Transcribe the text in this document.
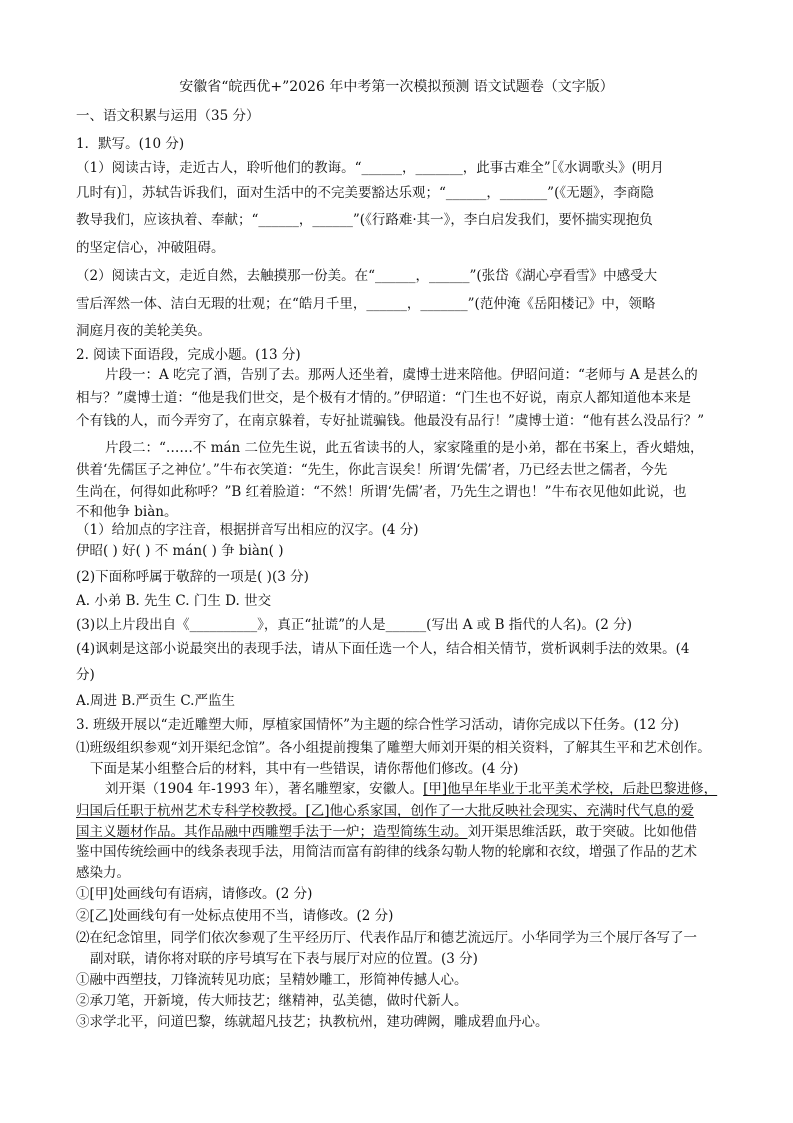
安徽省“皖西优+”2026 年中考第一次模拟预测 语文试题卷（文字版）
一、语文积累与运用（35 分）
1．默写。(10 分)
（1）阅读古诗，走近古人，聆听他们的教诲。“______，_______，此事古难全”［《水调歌头》(明月
几时有)］，苏轼告诉我们，面对生活中的不完美要豁达乐观；“______，_______”(《无题》，李商隐
教导我们，应该执着、奉献；“______，______”(《行路难·其一》，李白启发我们，要怀揣实现抱负
的坚定信心，冲破阻碍。
（2）阅读古文，走近自然，去触摸那一份美。在“______，______”(张岱《湖心亭看雪》中感受大
雪后浑然一体、洁白无瑕的壮观；在“皓月千里，______，_______”(范仲淹《岳阳楼记》中，领略
洞庭月夜的美轮美奂。
2. 阅读下面语段，完成小题。(13 分)
片段一：A 吃完了酒，告别了去。那两人还坐着，虞博士进来陪他。伊昭问道：“老师与 A 是甚么的
相与？”虞博士道：“他是我们世交，是个极有才情的。”伊昭道：“门生也不好说，南京人都知道他本来是
个有钱的人，而今弄穷了，在南京躲着，专好扯谎骗钱。他最没有品行！”虞博士道：“他有甚么没品行？”
片段二：“……不 mán 二位先生说，此五省读书的人，家家隆重的是小弟，都在书案上，香火蜡烛，
供着‘先儒匡子之神位’。”牛布衣笑道：“先生，你此言误矣！所谓‘先儒’者，乃已经去世之儒者，今先
生尚在，何得如此称呼？”B 红着脸道：“不然！所谓‘先儒’者，乃先生之谓也！”牛布衣见他如此说，也
不和他争 biàn。
（1）给加点的字注音，根据拼音写出相应的汉字。(4 分)
伊昭( ) 好( ) 不 mán( ) 争 biàn( )
(2)下面称呼属于敬辞的一项是( )(3 分)
A. 小弟 B. 先生 C. 门生 D. 世交
(3)以上片段出自《__________》，真正“扯谎”的人是______(写出 A 或 B 指代的人名)。(2 分)
(4)讽刺是这部小说最突出的表现手法，请从下面任选一个人，结合相关情节，赏析讽刺手法的效果。(4
分)
A.周进 B.严贡生 C.严监生
3. 班级开展以“走近雕塑大师，厚植家国情怀”为主题的综合性学习活动，请你完成以下任务。(12 分)
⑴班级组织参观“刘开渠纪念馆”。各小组提前搜集了雕塑大师刘开渠的相关资料，了解其生平和艺术创作。
下面是某小组整合后的材料，其中有一些错误，请你帮他们修改。(4 分)
刘开渠（1904 年-1993 年），著名雕塑家，安徽人。[甲]他早年毕业于北平美术学校，后赴巴黎进修，
归国后任职于杭州艺术专科学校教授。[乙]他心系家国，创作了一大批反映社会现实、充满时代气息的爱
国主义题材作品。其作品融中西雕塑手法于一炉；造型简练生动。刘开渠思维活跃，敢于突破。比如他借
鉴中国传统绘画中的线条表现手法，用简洁而富有韵律的线条勾勒人物的轮廓和衣纹，增强了作品的艺术
感染力。
①[甲]处画线句有语病，请修改。(2 分)
②[乙]处画线句有一处标点使用不当，请修改。(2 分)
⑵在纪念馆里，同学们依次参观了生平经历厅、代表作品厅和德艺流远厅。小华同学为三个展厅各写了一
副对联，请你将对联的序号填写在下表与展厅对应的位置。(3 分)
①融中西塑技，刀锋流转见功底；呈精妙雕工，形简神传撼人心。
②承刀笔，开新境，传大师技艺；继精神，弘美德，做时代新人。
③求学北平，问道巴黎，练就超凡技艺；执教杭州，建功碑阙，雕成碧血丹心。
